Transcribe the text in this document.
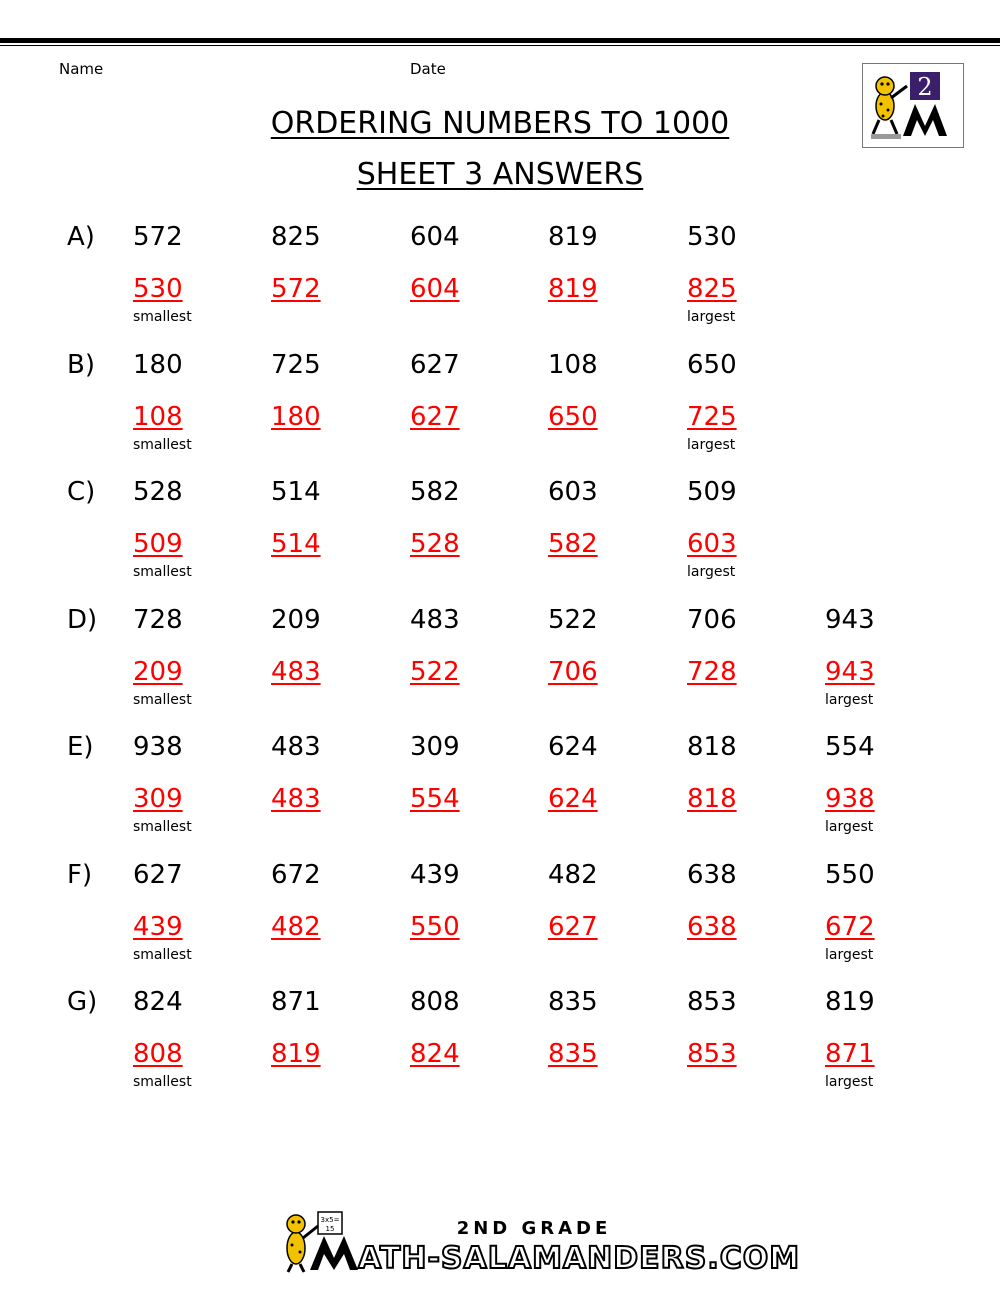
Name	Date
ORDERING NUMBERS TO 1000
SHEET 3 ANSWERS
2
A) 572	825	604	819	530
530	572	604	819	825
smallest	largest
B) 180	725	627	108	650
108	180	627	650	725
smallest	largest
C) 528	514	582	603	509
509	514	528	582	603
smallest	largest
D) 728	209	483	522	706	943
209	483	522	706	728	943
smallest	largest
E) 938	483	309	624	818	554
309	483	554	624	818	938
smallest	largest
F) 627	672	439	482	638	550
439	482	550	627	638	672
smallest	largest
G) 824	871	808	835	853	819
808	819	824	835	853	871
smallest	largest
3x5=
15	2ND GRADE
ATH-SALAMANDERS.COM
